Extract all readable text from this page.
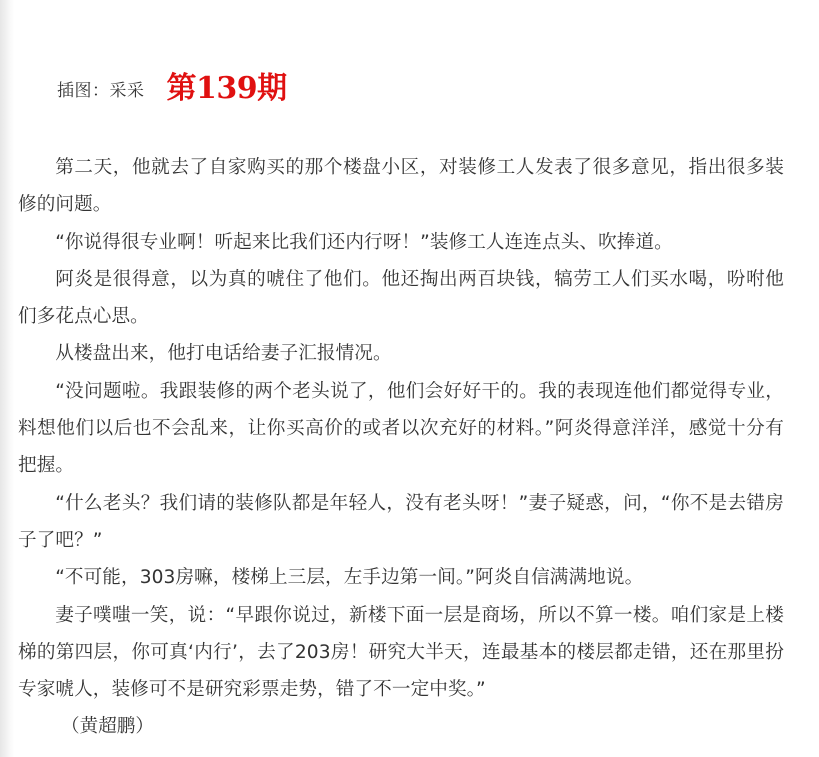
插图：采采 第139期

第二天，他就去了自家购买的那个楼盘小区，对装修工人发表了很多意见，指出很多装修的问题。

“你说得很专业啊！听起来比我们还内行呀！”装修工人连连点头、吹捧道。

阿炎是很得意，以为真的唬住了他们。他还掏出两百块钱，犒劳工人们买水喝，吩咐他们多花点心思。

从楼盘出来，他打电话给妻子汇报情况。

“没问题啦。我跟装修的两个老头说了，他们会好好干的。我的表现连他们都觉得专业，料想他们以后也不会乱来，让你买高价的或者以次充好的材料。”阿炎得意洋洋，感觉十分有把握。

“什么老头？我们请的装修队都是年轻人，没有老头呀！”妻子疑惑，问，“你不是去错房子了吧？”

“不可能，303房嘛，楼梯上三层，左手边第一间。”阿炎自信满满地说。

妻子噗嗤一笑，说：“早跟你说过，新楼下面一层是商场，所以不算一楼。咱们家是上楼梯的第四层，你可真‘内行’，去了203房！研究大半天，连最基本的楼层都走错，还在那里扮专家唬人，装修可不是研究彩票走势，错了不一定中奖。”

（黄超鹏）
